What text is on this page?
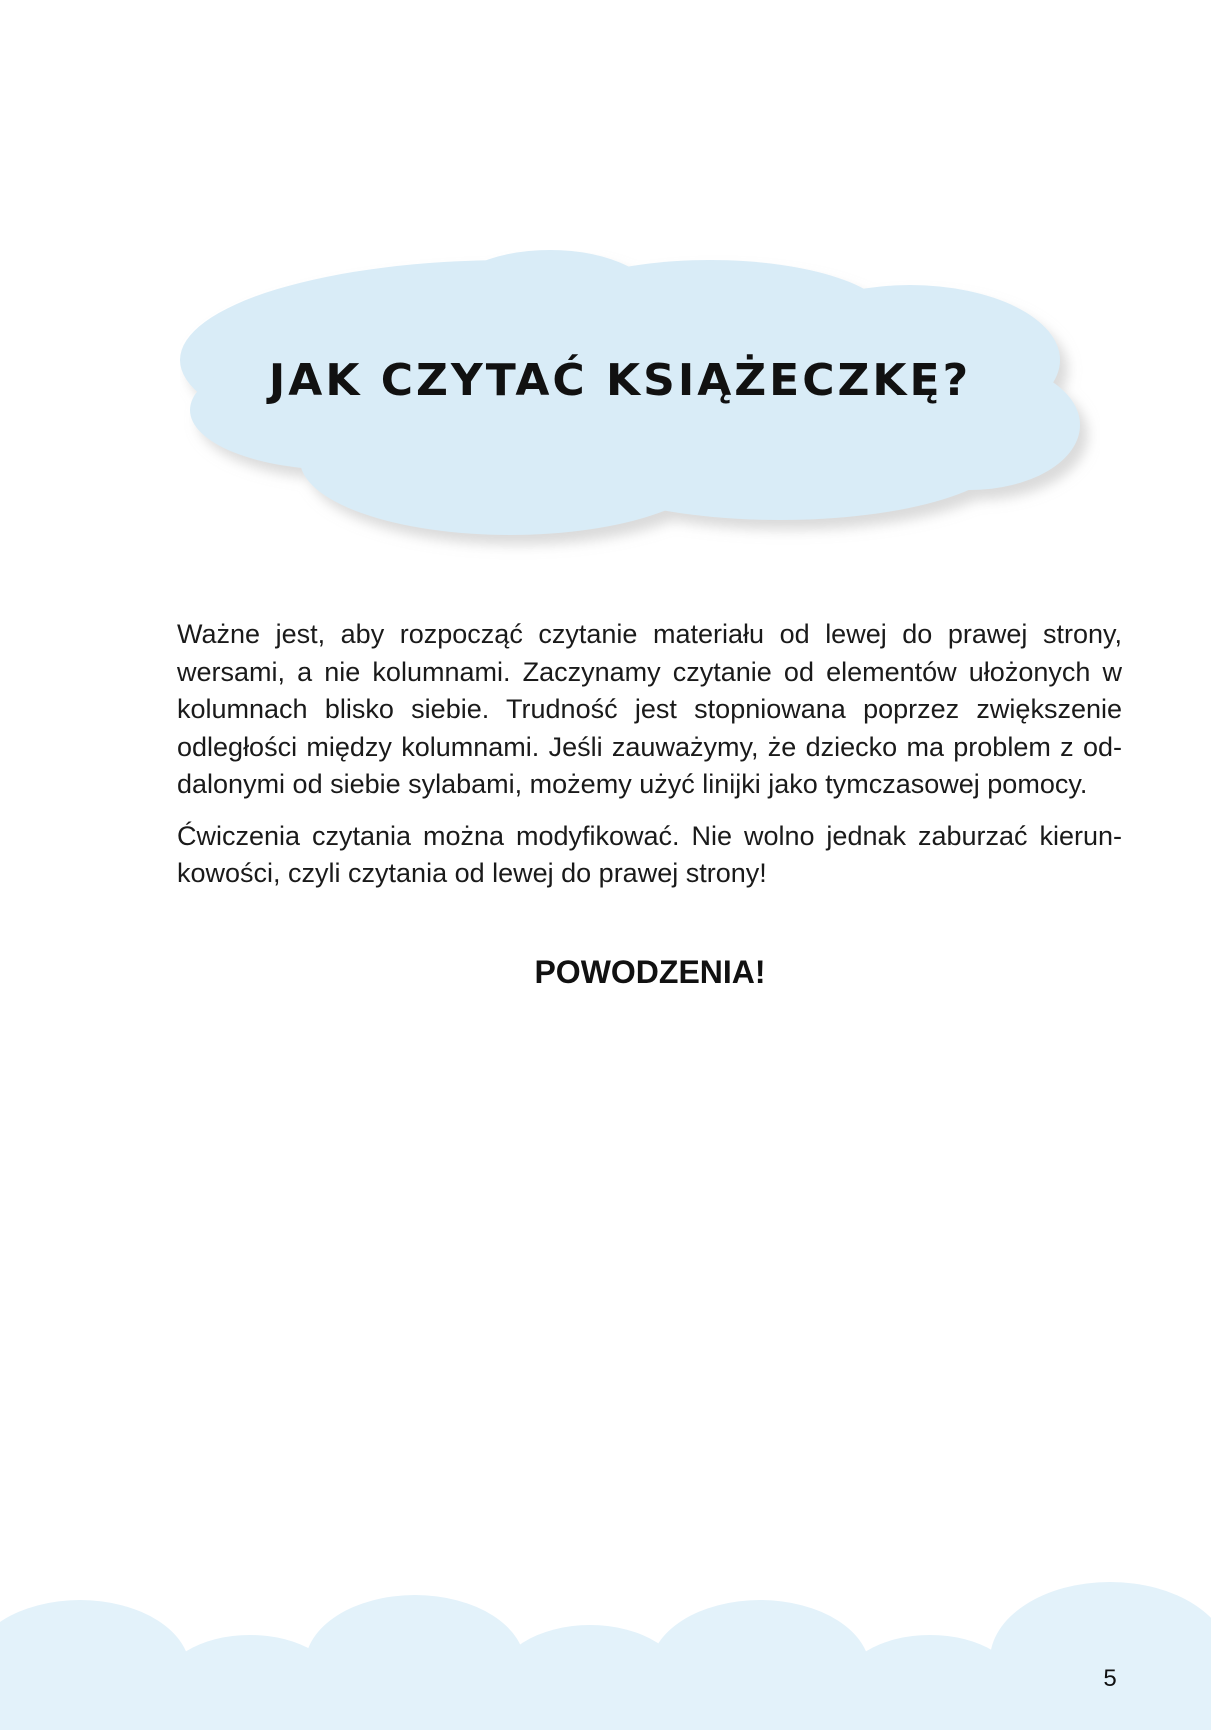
JAK CZYTAĆ KSIĄŻECZKĘ?

Ważne jest, aby rozpocząć czytanie materiału od lewej do prawej strony, wersami, a nie kolumnami. Zaczynamy czytanie od elementów ułożonych w kolumnach blisko siebie. Trudność jest stopniowana poprzez zwiększenie odległości między kolumnami. Jeśli zauważymy, że dziecko ma problem z oddalonymi od siebie sylabami, możemy użyć linijki jako tymczasowej pomocy.

Ćwiczenia czytania można modyfikować. Nie wolno jednak zaburzać kierunkowości, czyli czytania od lewej do prawej strony!

POWODZENIA!

5
